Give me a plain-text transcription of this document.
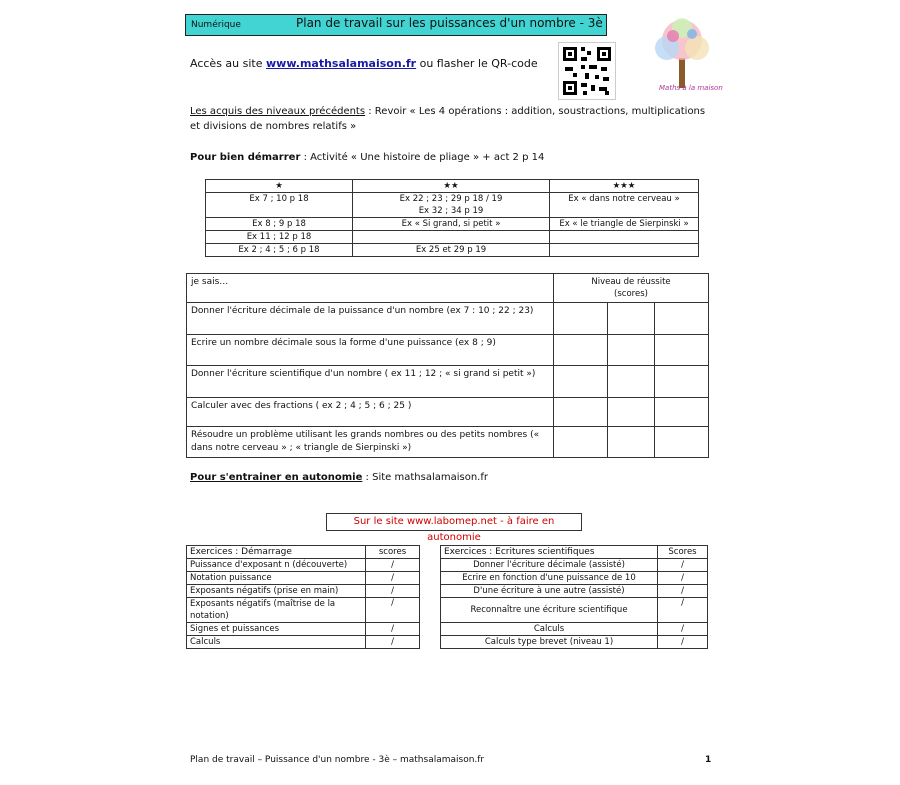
Numérique	Plan de travail sur les puissances d'un nombre - 3è
Maths à la maison
Accès au site www.mathsalamaison.fr ou flasher le QR-code
Les acquis des niveaux précédents : Revoir « Les 4 opérations : addition, soustractions, multiplications
et divisions de nombres relatifs »
Pour bien démarrer : Activité « Une histoire de pliage » + act 2 p 14
★	★★	★★★
Ex 7 ; 10 p 18	Ex 22 ; 23 ; 29 p 18 / 19	Ex « dans notre cerveau »
	Ex 32 ; 34 p 19	
Ex 8 ; 9 p 18	Ex « Si grand, si petit »	Ex « le triangle de Sierpinski »
Ex 11 ; 12 p 18		
Ex 2 ; 4 ; 5 ; 6 p 18	Ex 25 et 29 p 19	
je sais…	Niveau de réussite
(scores)		
Donner l'écriture décimale de la puissance d'un nombre (ex 7 : 10 ; 22 ; 23)			
Ecrire un nombre décimale sous la forme d'une puissance (ex 8 ; 9)			
Donner l'écriture scientifique d'un nombre ( ex 11 ; 12 ; « si grand si petit »)			
Calculer avec des fractions ( ex 2 ; 4 ; 5 ; 6 ; 25 )			
Résoudre un problème utilisant les grands nombres ou des petits nombres (« dans notre cerveau » ; « triangle de Sierpinski »)			
Pour s'entrainer en autonomie : Site mathsalamaison.fr
Sur le site www.labomep.net - à faire en autonomie
Exercices : Démarrage	scores
Puissance d'exposant n (découverte)	/
Notation puissance	/
Exposants négatifs (prise en main)	/
Exposants négatifs (maîtrise de la notation)	/
Signes et puissances	/
Calculs	/
Exercices : Ecritures scientifiques	Scores
Donner l'écriture décimale (assisté)	/
Ecrire en fonction d'une puissance de 10	/
D'une écriture à une autre (assisté)	/
Reconnaître une écriture scientifique	/
Calculs	/
Calculs type brevet (niveau 1)	/
Plan de travail – Puissance d'un nombre - 3è – mathsalamaison.fr	1
